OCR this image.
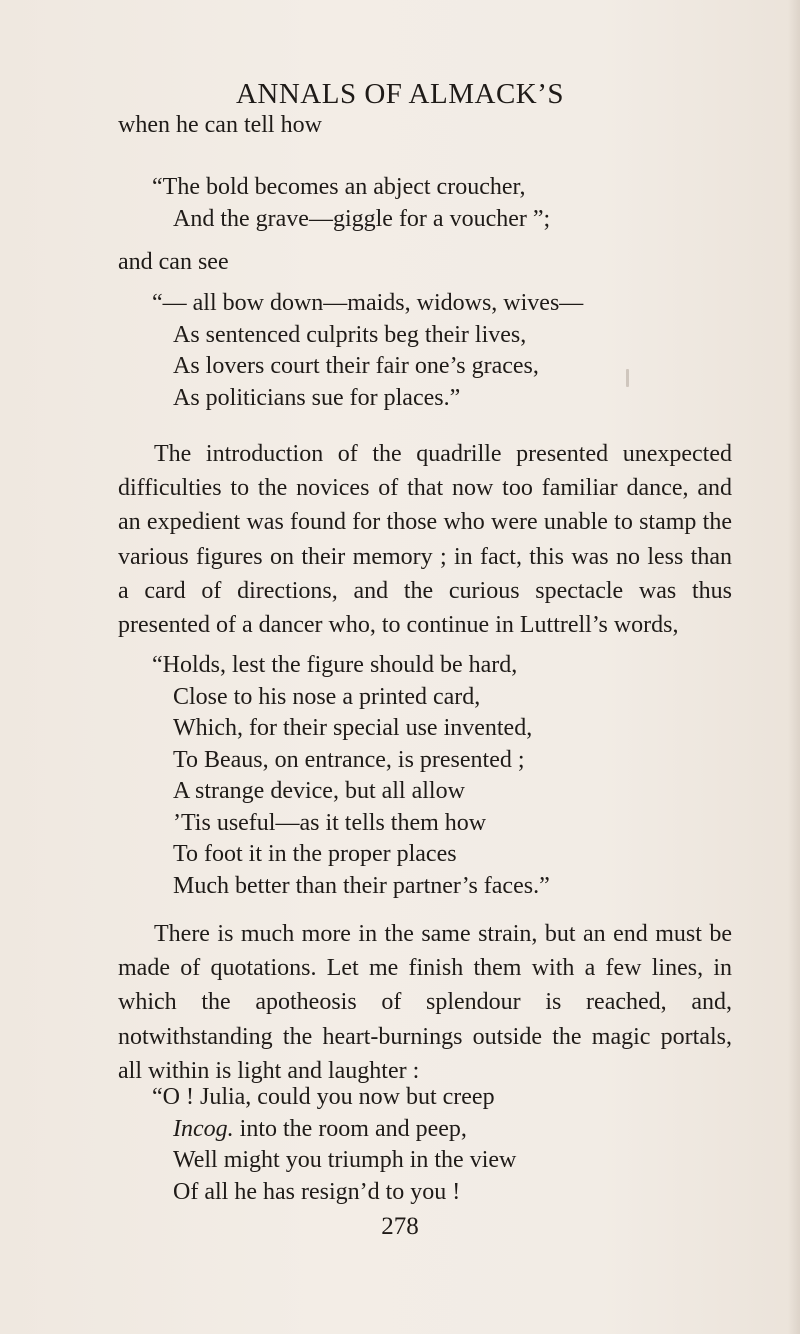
ANNALS OF ALMACK’S
when he can tell how
“The bold becomes an abject croucher,
And the grave—giggle for a voucher ”;
and can see
“— all bow down—maids, widows, wives—
As sentenced culprits beg their lives,
As lovers court their fair one’s graces,
As politicians sue for places.”
The introduction of the quadrille presented unexpected difficulties to the novices of that now too familiar dance, and an expedient was found for those who were unable to stamp the various figures on their memory ; in fact, this was no less than a card of directions, and the curious spectacle was thus presented of a dancer who, to continue in Luttrell’s words,
“Holds, lest the figure should be hard,
Close to his nose a printed card,
Which, for their special use invented,
To Beaus, on entrance, is presented ;
A strange device, but all allow
’Tis useful—as it tells them how
To foot it in the proper places
Much better than their partner’s faces.”
There is much more in the same strain, but an end must be made of quotations. Let me finish them with a few lines, in which the apotheosis of splendour is reached, and, notwithstanding the heart-burnings outside the magic portals, all within is light and laughter :
“O ! Julia, could you now but creep
Incog. into the room and peep,
Well might you triumph in the view
Of all he has resign’d to you !
278
